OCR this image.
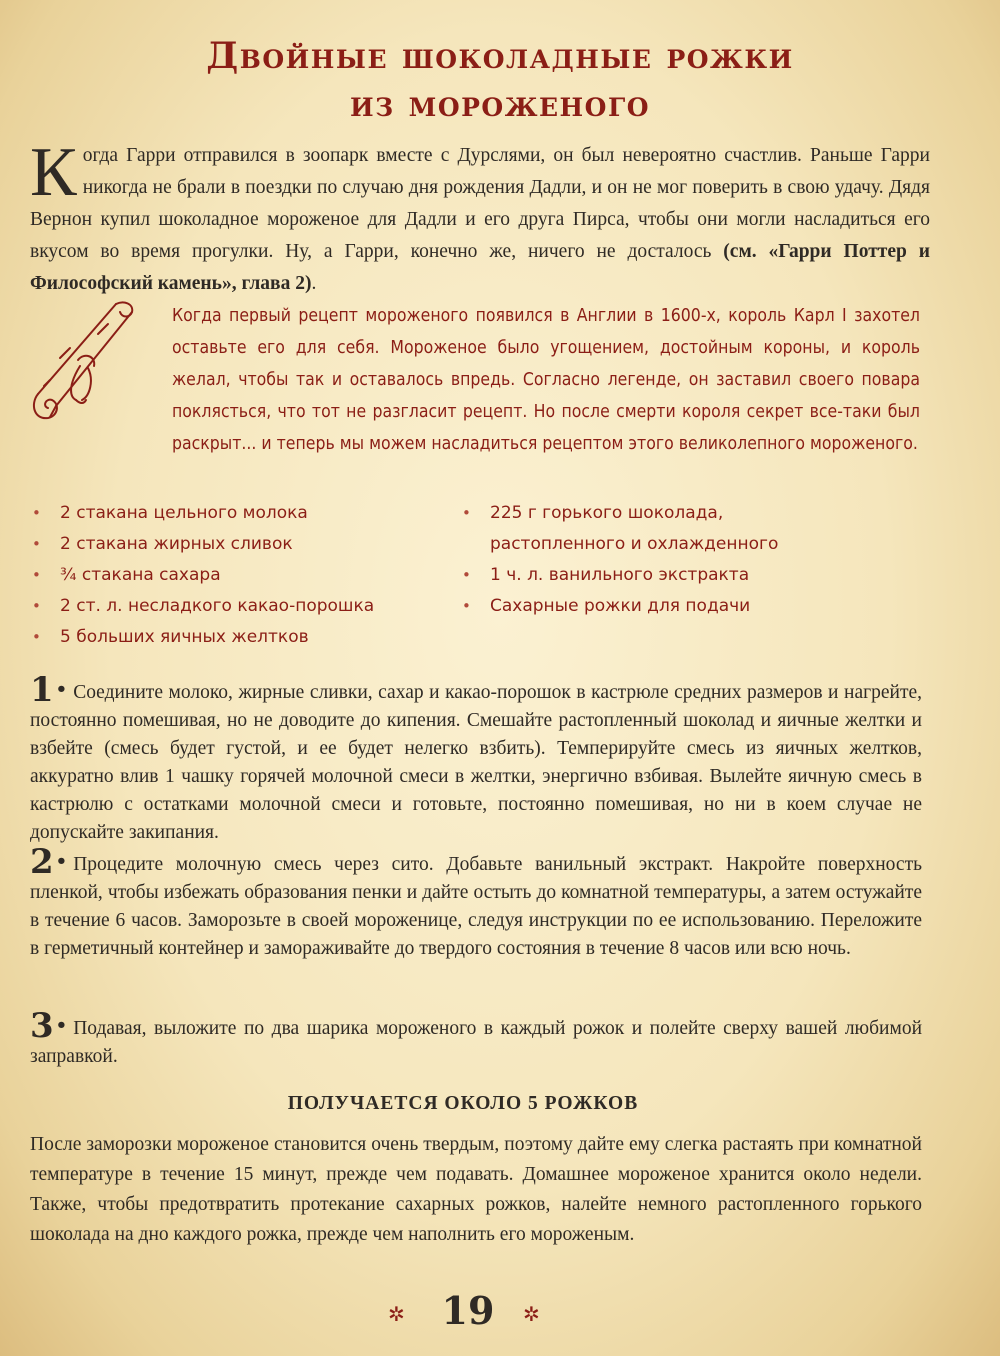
Двойные шоколадные рожки
из мороженого
Когда Гарри отправился в зоопарк вместе с Дурслями, он был невероятно счастлив. Раньше Гарри никогда не брали в поездки по случаю дня рождения Дадли, и он не мог поверить в свою удачу. Дядя Вернон купил шоколадное мороженое для Дадли и его друга Пирса, чтобы они могли насладиться его вкусом во время прогулки. Ну, а Гарри, конечно же, ничего не досталось (см. «Гарри Поттер и Философский камень», глава 2).
Когда первый рецепт мороженого появился в Англии в 1600-х, король Карл I захотел оставьте его для себя. Мороженое было угощением, достойным короны, и король желал, чтобы так и оставалось впредь. Согласно легенде, он заставил своего повара поклясться, что тот не разгласит рецепт. Но после смерти короля секрет все-таки был раскрыт... и теперь мы можем насладиться рецептом этого великолепного мороженого.
• 2 стакана цельного молока
• 2 стакана жирных сливок
• ¾ стакана сахара
• 2 ст. л. несладкого какао-порошка
• 5 больших яичных желтков
• 225 г горького шоколада, растопленного и охлажденного
• 1 ч. л. ванильного экстракта
• Сахарные рожки для подачи
1 • Соедините молоко, жирные сливки, сахар и какао-порошок в кастрюле средних размеров и нагрейте, постоянно помешивая, но не доводите до кипения. Смешайте растопленный шоколад и яичные желтки и взбейте (смесь будет густой, и ее будет нелегко взбить). Темперируйте смесь из яичных желтков, аккуратно влив 1 чашку горячей молочной смеси в желтки, энергично взбивая. Вылейте яичную смесь в кастрюлю с остатками молочной смеси и готовьте, постоянно помешивая, но ни в коем случае не допускайте закипания.
2 • Процедите молочную смесь через сито. Добавьте ванильный экстракт. Накройте поверхность пленкой, чтобы избежать образования пенки и дайте остыть до комнатной температуры, а затем остужайте в течение 6 часов. Заморозьте в своей мороженице, следуя инструкции по ее использованию. Переложите в герметичный контейнер и замораживайте до твердого состояния в течение 8 часов или всю ночь.
3 • Подавая, выложите по два шарика мороженого в каждый рожок и полейте сверху вашей любимой заправкой.
ПОЛУЧАЕТСЯ ОКОЛО 5 РОЖКОВ
После заморозки мороженое становится очень твердым, поэтому дайте ему слегка растаять при комнатной температуре в течение 15 минут, прежде чем подавать. Домашнее мороженое хранится около недели. Также, чтобы предотвратить протекание сахарных рожков, налейте немного растопленного горького шоколада на дно каждого рожка, прежде чем наполнить его мороженым.
✲ 19	✲
